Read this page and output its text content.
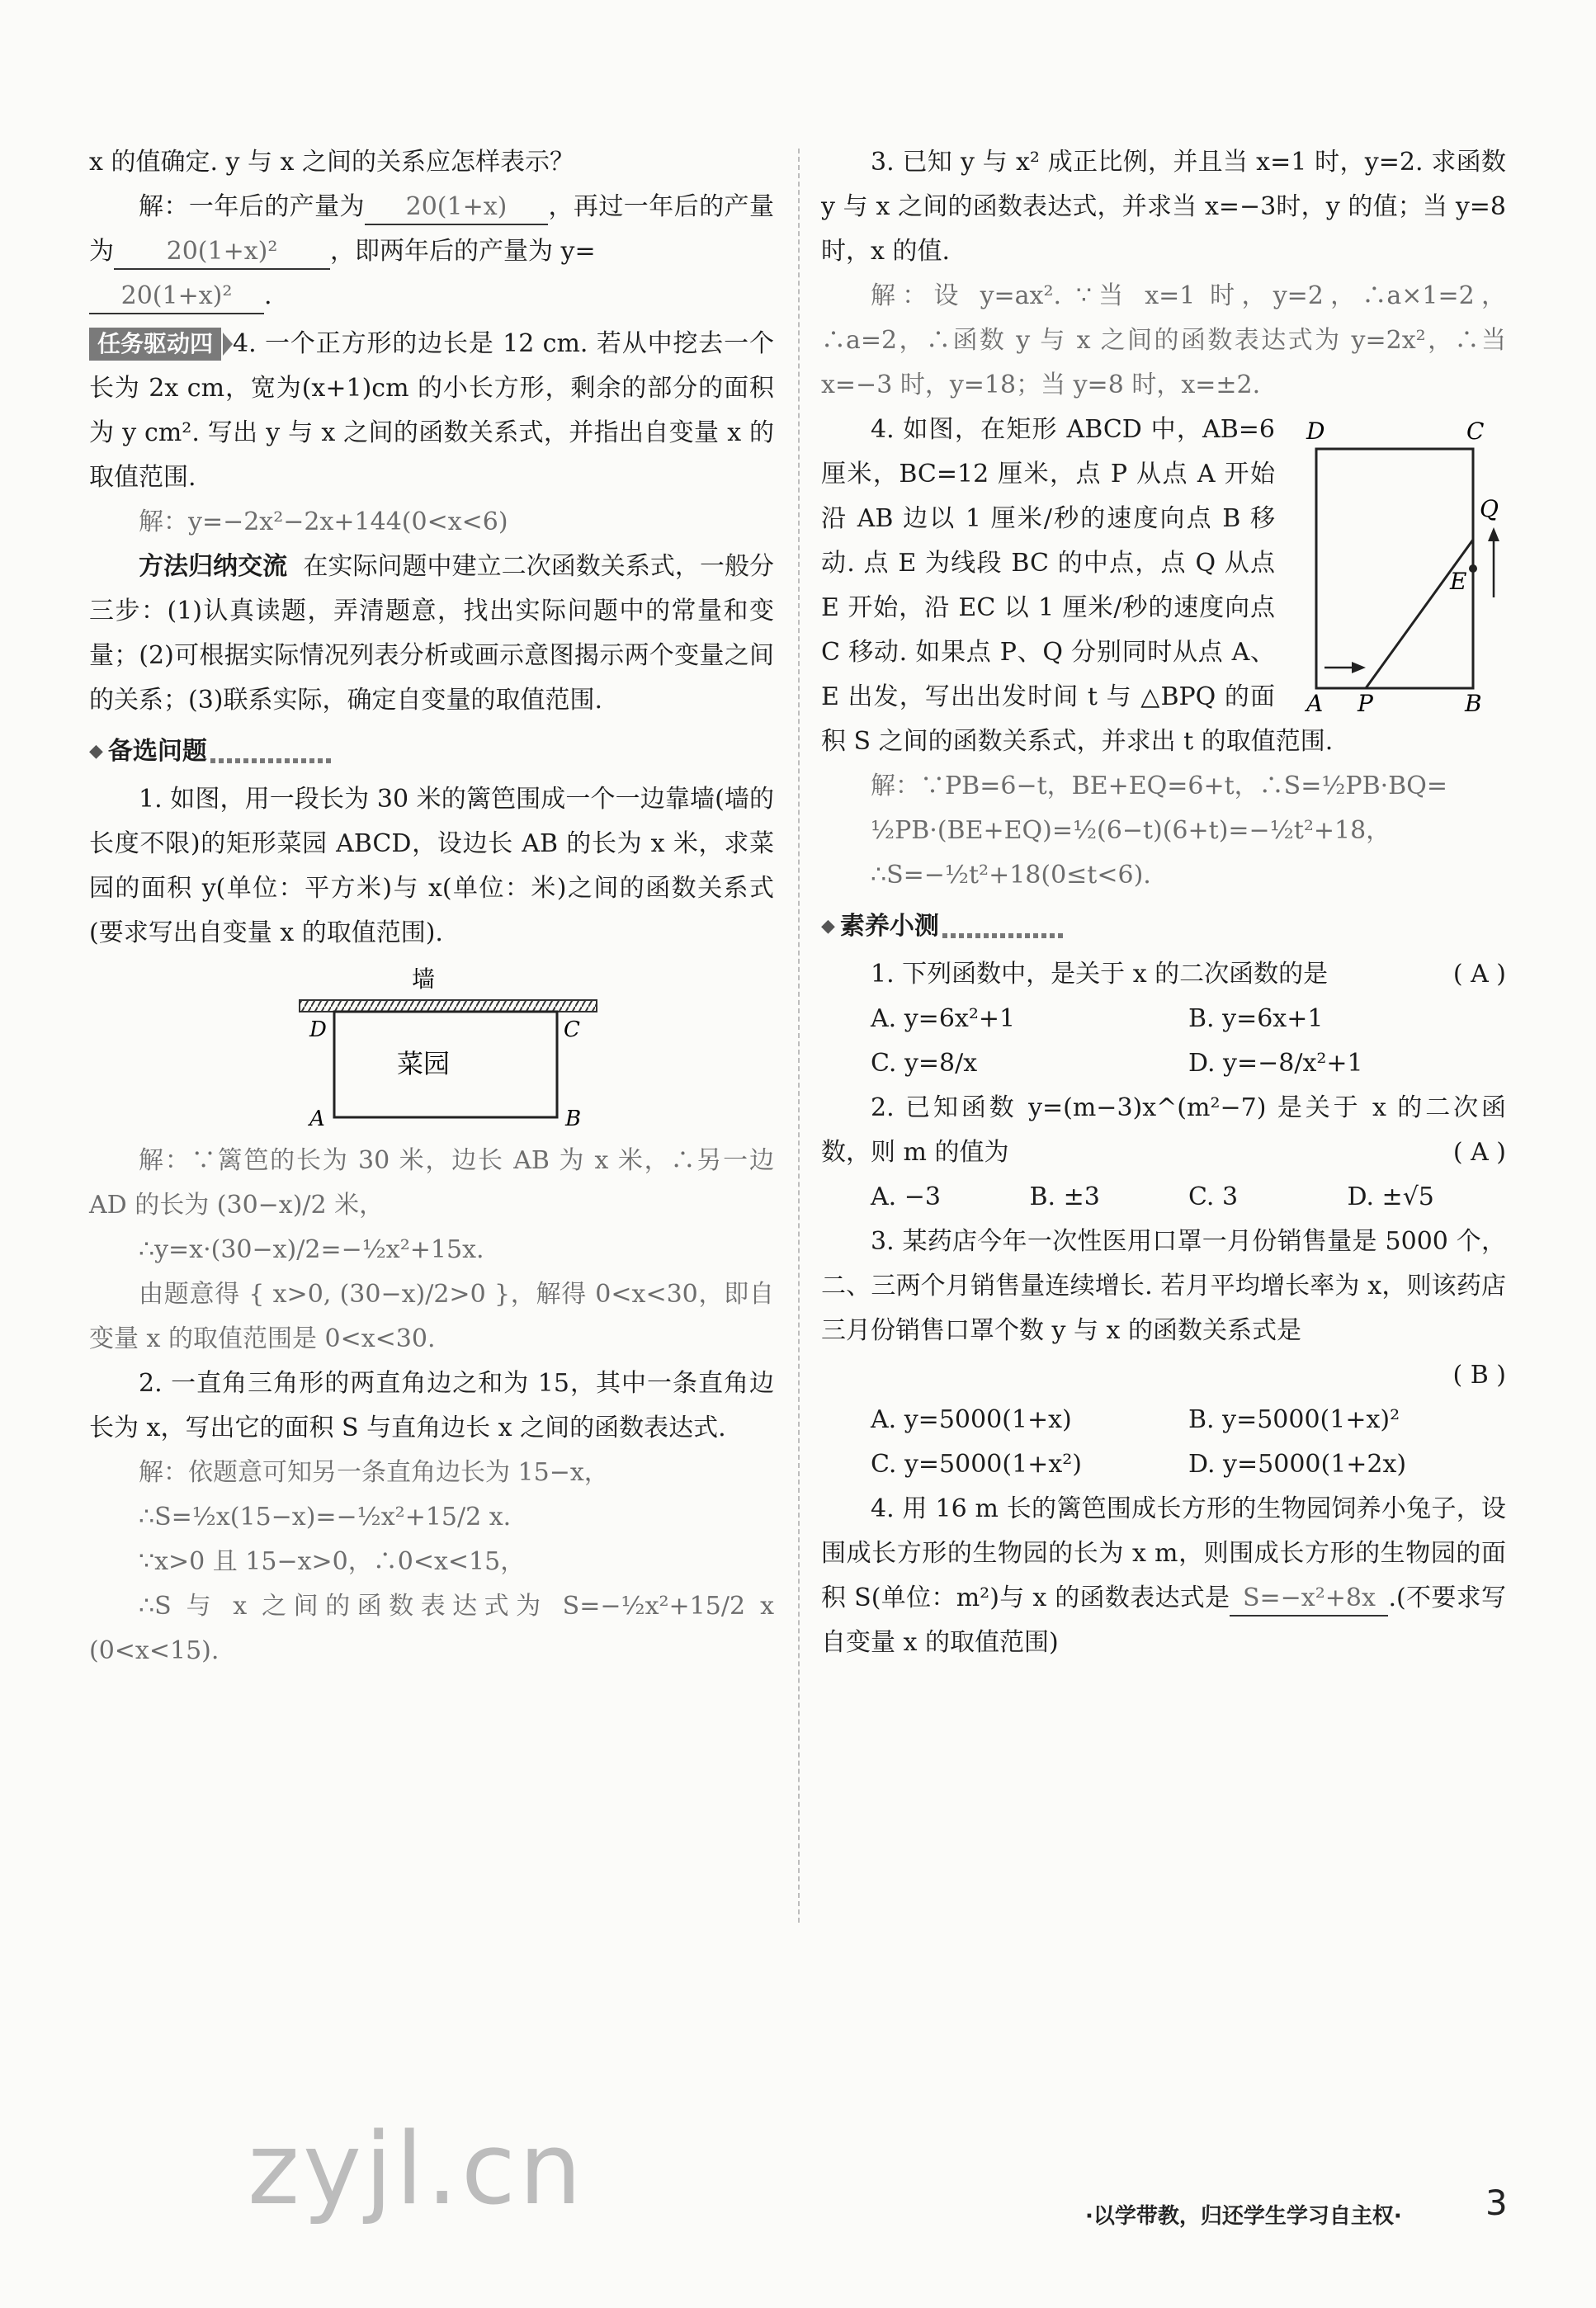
x 的值确定. y 与 x 之间的关系应怎样表示？

解：一年后的产量为 20(1+x) ，再过一年后的产量为 20(1+x)² ，即两年后的产量为 y=
20(1+x)² .

任务驱动四 4. 一个正方形的边长是 12 cm. 若从中挖去一个长为 2x cm，宽为(x+1)cm 的小长方形，剩余的部分的面积为 y cm². 写出 y 与 x 之间的函数关系式，并指出自变量 x 的取值范围.

解：y=−2x²−2x+144(0<x<6)

方法归纳交流 在实际问题中建立二次函数关系式，一般分三步：(1)认真读题，弄清题意，找出实际问题中的常量和变量；(2)可根据实际情况列表分析或画示意图揭示两个变量之间的关系；(3)联系实际，确定自变量的取值范围.

◆ 备选问题

1. 如图，用一段长为 30 米的篱笆围成一个一边靠墙(墙的长度不限)的矩形菜园 ABCD，设边长 AB 的长为 x 米，求菜园的面积 y(单位：平方米)与 x(单位：米)之间的函数关系式(要求写出自变量 x 的取值范围).

墙
菜园
D	C
A	B

解：∵篱笆的长为 30 米，边长 AB 为 x 米，∴另一边 AD 的长为 (30−x)/2 米，

∴y=x·(30−x)/2=−½x²+15x.

由题意得 { x>0, (30−x)/2>0 }，解得 0<x<30，即自变量 x 的取值范围是 0<x<30.

2. 一直角三角形的两直角边之和为 15，其中一条直角边长为 x，写出它的面积 S 与直角边长 x 之间的函数表达式.

解：依题意可知另一条直角边长为 15−x，

∴S=½x(15−x)=−½x²+15/2 x.

∵x>0 且 15−x>0，∴0<x<15，

∴S 与 x 之间的函数表达式为 S=−½x²+15/2 x (0<x<15).

3. 已知 y 与 x² 成正比例，并且当 x=1 时，y=2. 求函数 y 与 x 之间的函数表达式，并求当 x=−3时，y 的值；当 y=8 时，x 的值.

解：设 y=ax². ∵当 x=1 时，y=2，∴a×1=2，∴a=2，∴函数 y 与 x 之间的函数表达式为 y=2x²，∴当 x=−3 时，y=18；当 y=8 时，x=±2.

D	C
Q
E
A P	B

4. 如图，在矩形 ABCD 中，AB=6 厘米，BC=12 厘米，点 P 从点 A 开始沿 AB 边以 1 厘米/秒的速度向点 B 移动. 点 E 为线段 BC 的中点，点 Q 从点 E 开始，沿 EC 以 1 厘米/秒的速度向点 C 移动. 如果点 P、Q 分别同时从点 A、E 出发，写出出发时间 t 与 △BPQ 的面积 S 之间的函数关系式，并求出 t 的取值范围.

解：∵PB=6−t，BE+EQ=6+t，∴S=½PB·BQ=

½PB·(BE+EQ)=½(6−t)(6+t)=−½t²+18，

∴S=−½t²+18(0≤t<6).

◆ 素养小测

1. 下列函数中，是关于 x 的二次函数的是	( A )

A. y=6x²+1	B. y=6x+1
C. y=8/x	D. y=−8/x²+1

2. 已知函数 y=(m−3)x^(m²−7) 是关于 x 的二次函数，则 m 的值为	( A )

A. −3	B. ±3	C. 3	D. ±√5

3. 某药店今年一次性医用口罩一月份销售量是 5000 个，二、三两个月销售量连续增长. 若月平均增长率为 x，则该药店三月份销售口罩个数 y 与 x 的函数关系式是

( B )

A. y=5000(1+x)	B. y=5000(1+x)²
C. y=5000(1+x²)	D. y=5000(1+2x)

4. 用 16 m 长的篱笆围成长方形的生物园饲养小兔子，设围成长方形的生物园的长为 x m，则围成长方形的生物园的面积 S(单位：m²)与 x 的函数表达式是 S=−x²+8x .(不要求写自变量 x 的取值范围)

zyjl.cn	·以学带教，归还学生学习自主权· 3
